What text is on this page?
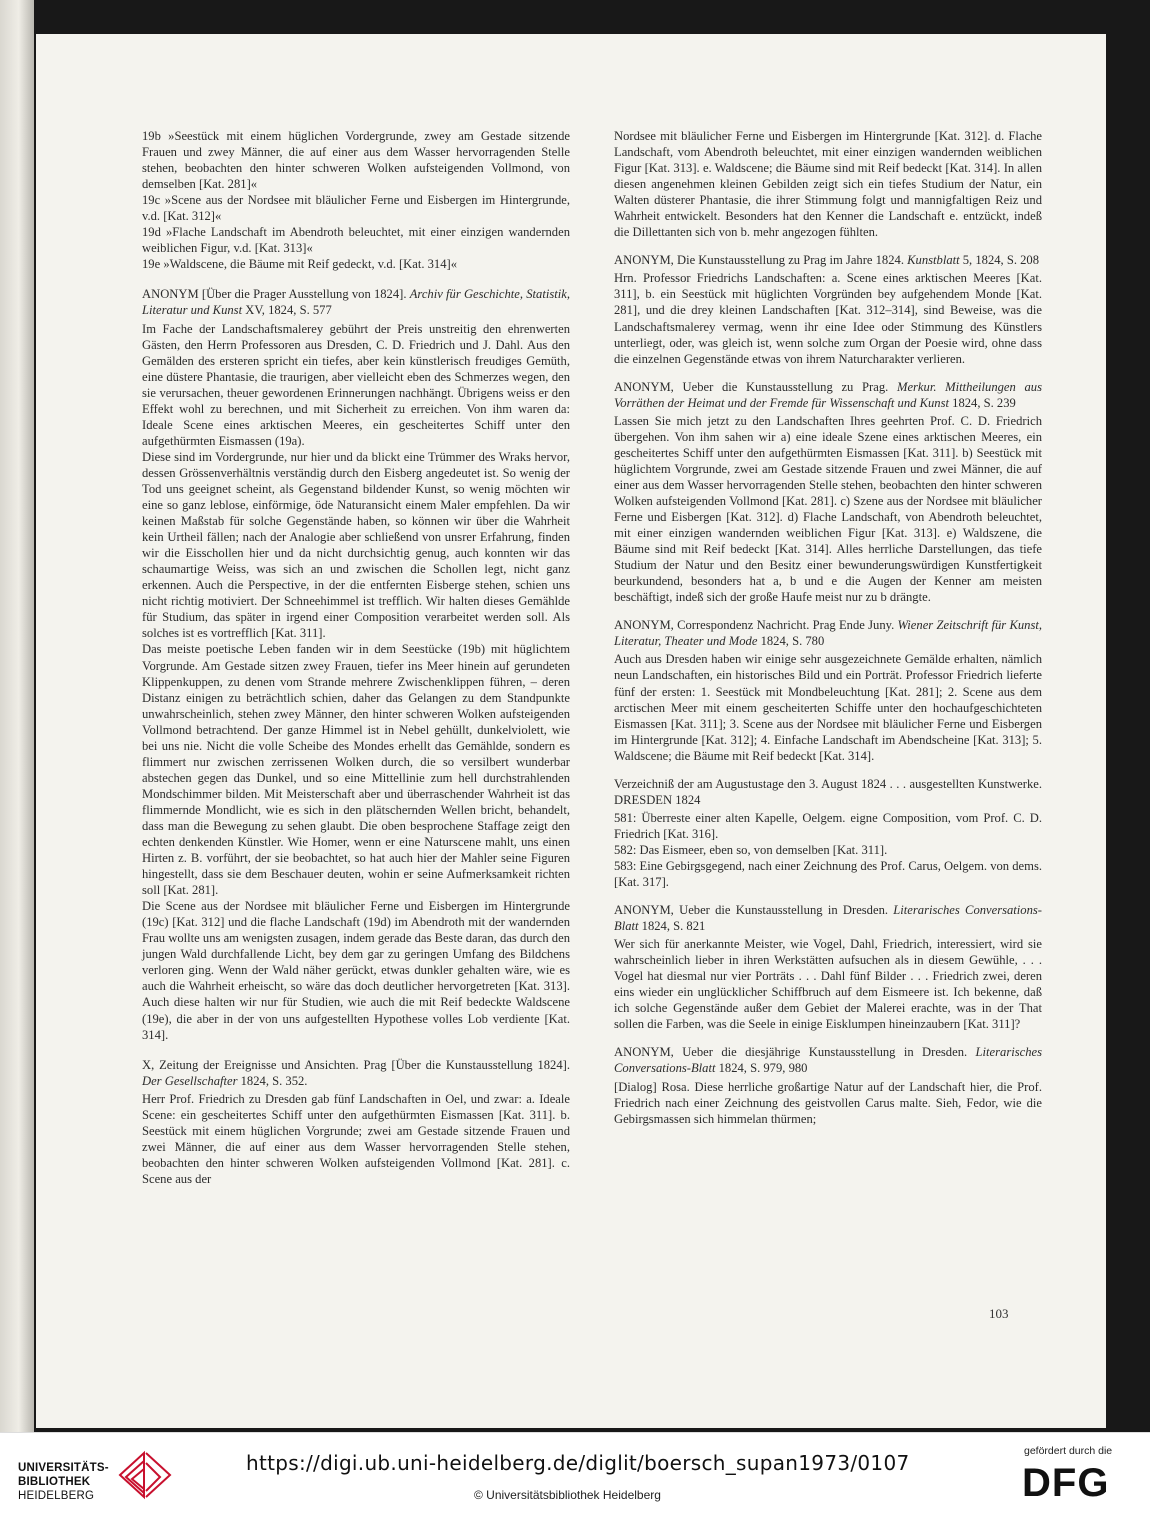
19b »Seestück mit einem hüglichen Vordergrunde, zwey am Gestade sitzende Frauen und zwey Männer, die auf einer aus dem Wasser hervorragenden Stelle stehen, beobachten den hinter schweren Wolken aufsteigenden Vollmond, von demselben [Kat. 281]«

19c »Scene aus der Nordsee mit bläulicher Ferne und Eisbergen im Hintergrunde, v.d. [Kat. 312]«

19d »Flache Landschaft im Abendroth beleuchtet, mit einer einzigen wandernden weiblichen Figur, v.d. [Kat. 313]«

19e »Waldscene, die Bäume mit Reif gedeckt, v.d. [Kat. 314]«

ANONYM [Über die Prager Ausstellung von 1824]. Archiv für Geschichte, Statistik, Literatur und Kunst XV, 1824, S. 577

Im Fache der Landschaftsmalerey gebührt der Preis unstreitig den ehrenwerten Gästen, den Herrn Professoren aus Dresden, C. D. Friedrich und J. Dahl. Aus den Gemälden des ersteren spricht ein tiefes, aber kein künstlerisch freudiges Gemüth, eine düstere Phantasie, die traurigen, aber vielleicht eben des Schmerzes wegen, den sie verursachen, theuer gewordenen Erinnerungen nachhängt. Übrigens weiss er den Effekt wohl zu berechnen, und mit Sicherheit zu erreichen. Von ihm waren da: Ideale Scene eines arktischen Meeres, ein gescheitertes Schiff unter den aufgethürmten Eismassen (19a).

Diese sind im Vordergrunde, nur hier und da blickt eine Trümmer des Wraks hervor, dessen Grössenverhältnis verständig durch den Eisberg angedeutet ist. So wenig der Tod uns geeignet scheint, als Gegenstand bildender Kunst, so wenig möchten wir eine so ganz leblose, einförmige, öde Naturansicht einem Maler empfehlen. Da wir keinen Maßstab für solche Gegenstände haben, so können wir über die Wahrheit kein Urtheil fällen; nach der Analogie aber schließend von unsrer Erfahrung, finden wir die Eisschollen hier und da nicht durchsichtig genug, auch konnten wir das schaumartige Weiss, was sich an und zwischen die Schollen legt, nicht ganz erkennen. Auch die Perspective, in der die entfernten Eisberge stehen, schien uns nicht richtig motiviert. Der Schneehimmel ist trefflich. Wir halten dieses Gemählde für Studium, das später in irgend einer Composition verarbeitet werden soll. Als solches ist es vortrefflich [Kat. 311].

Das meiste poetische Leben fanden wir in dem Seestücke (19b) mit hüglichtem Vorgrunde. Am Gestade sitzen zwey Frauen, tiefer ins Meer hinein auf gerundeten Klippenkuppen, zu denen vom Strande mehrere Zwischenklippen führen, – deren Distanz einigen zu beträchtlich schien, daher das Gelangen zu dem Standpunkte unwahrscheinlich, stehen zwey Männer, den hinter schweren Wolken aufsteigenden Vollmond betrachtend. Der ganze Himmel ist in Nebel gehüllt, dunkelviolett, wie bei uns nie. Nicht die volle Scheibe des Mondes erhellt das Gemählde, sondern es flimmert nur zwischen zerrissenen Wolken durch, die so versilbert wunderbar abstechen gegen das Dunkel, und so eine Mittellinie zum hell durchstrahlenden Mondschimmer bilden. Mit Meisterschaft aber und überraschender Wahrheit ist das flimmernde Mondlicht, wie es sich in den plätschernden Wellen bricht, behandelt, dass man die Bewegung zu sehen glaubt. Die oben besprochene Staffage zeigt den echten denkenden Künstler. Wie Homer, wenn er eine Naturscene mahlt, uns einen Hirten z. B. vorführt, der sie beobachtet, so hat auch hier der Mahler seine Figuren hingestellt, dass sie dem Beschauer deuten, wohin er seine Aufmerksamkeit richten soll [Kat. 281].

Die Scene aus der Nordsee mit bläulicher Ferne und Eisbergen im Hintergrunde (19c) [Kat. 312] und die flache Landschaft (19d) im Abendroth mit der wandernden Frau wollte uns am wenigsten zusagen, indem gerade das Beste daran, das durch den jungen Wald durchfallende Licht, bey dem gar zu geringen Umfang des Bildchens verloren ging. Wenn der Wald näher gerückt, etwas dunkler gehalten wäre, wie es auch die Wahrheit erheischt, so wäre das doch deutlicher hervorgetreten [Kat. 313]. Auch diese halten wir nur für Studien, wie auch die mit Reif bedeckte Waldscene (19e), die aber in der von uns aufgestellten Hypothese volles Lob verdiente [Kat. 314].

X, Zeitung der Ereignisse und Ansichten. Prag [Über die Kunstausstellung 1824]. Der Gesellschafter 1824, S. 352.

Herr Prof. Friedrich zu Dresden gab fünf Landschaften in Oel, und zwar: a. Ideale Scene: ein gescheitertes Schiff unter den aufgethürmten Eismassen [Kat. 311]. b. Seestück mit einem hüglichen Vorgrunde; zwei am Gestade sitzende Frauen und zwei Männer, die auf einer aus dem Wasser hervorragenden Stelle stehen, beobachten den hinter schweren Wolken aufsteigenden Vollmond [Kat. 281]. c. Scene aus der

Nordsee mit bläulicher Ferne und Eisbergen im Hintergrunde [Kat. 312]. d. Flache Landschaft, vom Abendroth beleuchtet, mit einer einzigen wandernden weiblichen Figur [Kat. 313]. e. Waldscene; die Bäume sind mit Reif bedeckt [Kat. 314]. In allen diesen angenehmen kleinen Gebilden zeigt sich ein tiefes Studium der Natur, ein Walten düsterer Phantasie, die ihrer Stimmung folgt und mannigfaltigen Reiz und Wahrheit entwickelt. Besonders hat den Kenner die Landschaft e. entzückt, indeß die Dillettanten sich von b. mehr angezogen fühlten.

ANONYM, Die Kunstausstellung zu Prag im Jahre 1824. Kunstblatt 5, 1824, S. 208

Hrn. Professor Friedrichs Landschaften: a. Scene eines arktischen Meeres [Kat. 311], b. ein Seestück mit hüglichten Vorgründen bey aufgehendem Monde [Kat. 281], und die drey kleinen Landschaften [Kat. 312–314], sind Beweise, was die Landschaftsmalerey vermag, wenn ihr eine Idee oder Stimmung des Künstlers unterliegt, oder, was gleich ist, wenn solche zum Organ der Poesie wird, ohne dass die einzelnen Gegenstände etwas von ihrem Naturcharakter verlieren.

ANONYM, Ueber die Kunstausstellung zu Prag. Merkur. Mittheilungen aus Vorräthen der Heimat und der Fremde für Wissenschaft und Kunst 1824, S. 239

Lassen Sie mich jetzt zu den Landschaften Ihres geehrten Prof. C. D. Friedrich übergehen. Von ihm sahen wir a) eine ideale Szene eines arktischen Meeres, ein gescheitertes Schiff unter den aufgethürmten Eismassen [Kat. 311]. b) Seestück mit hüglichtem Vorgrunde, zwei am Gestade sitzende Frauen und zwei Männer, die auf einer aus dem Wasser hervorragenden Stelle stehen, beobachten den hinter schweren Wolken aufsteigenden Vollmond [Kat. 281]. c) Szene aus der Nordsee mit bläulicher Ferne und Eisbergen [Kat. 312]. d) Flache Landschaft, von Abendroth beleuchtet, mit einer einzigen wandernden weiblichen Figur [Kat. 313]. e) Waldszene, die Bäume sind mit Reif bedeckt [Kat. 314]. Alles herrliche Darstellungen, das tiefe Studium der Natur und den Besitz einer bewunderungswürdigen Kunstfertigkeit beurkundend, besonders hat a, b und e die Augen der Kenner am meisten beschäftigt, indeß sich der große Haufe meist nur zu b drängte.

ANONYM, Correspondenz Nachricht. Prag Ende Juny. Wiener Zeitschrift für Kunst, Literatur, Theater und Mode 1824, S. 780

Auch aus Dresden haben wir einige sehr ausgezeichnete Gemälde erhalten, nämlich neun Landschaften, ein historisches Bild und ein Porträt. Professor Friedrich lieferte fünf der ersten: 1. Seestück mit Mondbeleuchtung [Kat. 281]; 2. Scene aus dem arctischen Meer mit einem gescheiterten Schiffe unter den hochaufgeschichteten Eismassen [Kat. 311]; 3. Scene aus der Nordsee mit bläulicher Ferne und Eisbergen im Hintergrunde [Kat. 312]; 4. Einfache Landschaft im Abendscheine [Kat. 313]; 5. Waldscene; die Bäume mit Reif bedeckt [Kat. 314].

Verzeichniß der am Augustustage den 3. August 1824 . . . ausgestellten Kunstwerke. DRESDEN 1824

581: Überreste einer alten Kapelle, Oelgem. eigne Composition, vom Prof. C. D. Friedrich [Kat. 316].

582: Das Eismeer, eben so, von demselben [Kat. 311].

583: Eine Gebirgsgegend, nach einer Zeichnung des Prof. Carus, Oelgem. von dems. [Kat. 317].

ANONYM, Ueber die Kunstausstellung in Dresden. Literarisches Conversations-Blatt 1824, S. 821

Wer sich für anerkannte Meister, wie Vogel, Dahl, Friedrich, interessiert, wird sie wahrscheinlich lieber in ihren Werkstätten aufsuchen als in diesem Gewühle, . . . Vogel hat diesmal nur vier Porträts . . . Dahl fünf Bilder . . . Friedrich zwei, deren eins wieder ein unglücklicher Schiffbruch auf dem Eismeere ist. Ich bekenne, daß ich solche Gegenstände außer dem Gebiet der Malerei erachte, was in der That sollen die Farben, was die Seele in einige Eisklumpen hineinzaubern [Kat. 311]?

ANONYM, Ueber die diesjährige Kunstausstellung in Dresden. Literarisches Conversations-Blatt 1824, S. 979, 980

[Dialog] Rosa. Diese herrliche großartige Natur auf der Landschaft hier, die Prof. Friedrich nach einer Zeichnung des geistvollen Carus malte. Sieh, Fedor, wie die Gebirgsmassen sich himmelan thürmen;

103
UNIVERSITÄTS-
BIBLIOTHEK
HEIDELBERG
https://digi.ub.uni-heidelberg.de/diglit/boersch_supan1973/0107
© Universitätsbibliothek Heidelberg
gefördert durch die
DFG
